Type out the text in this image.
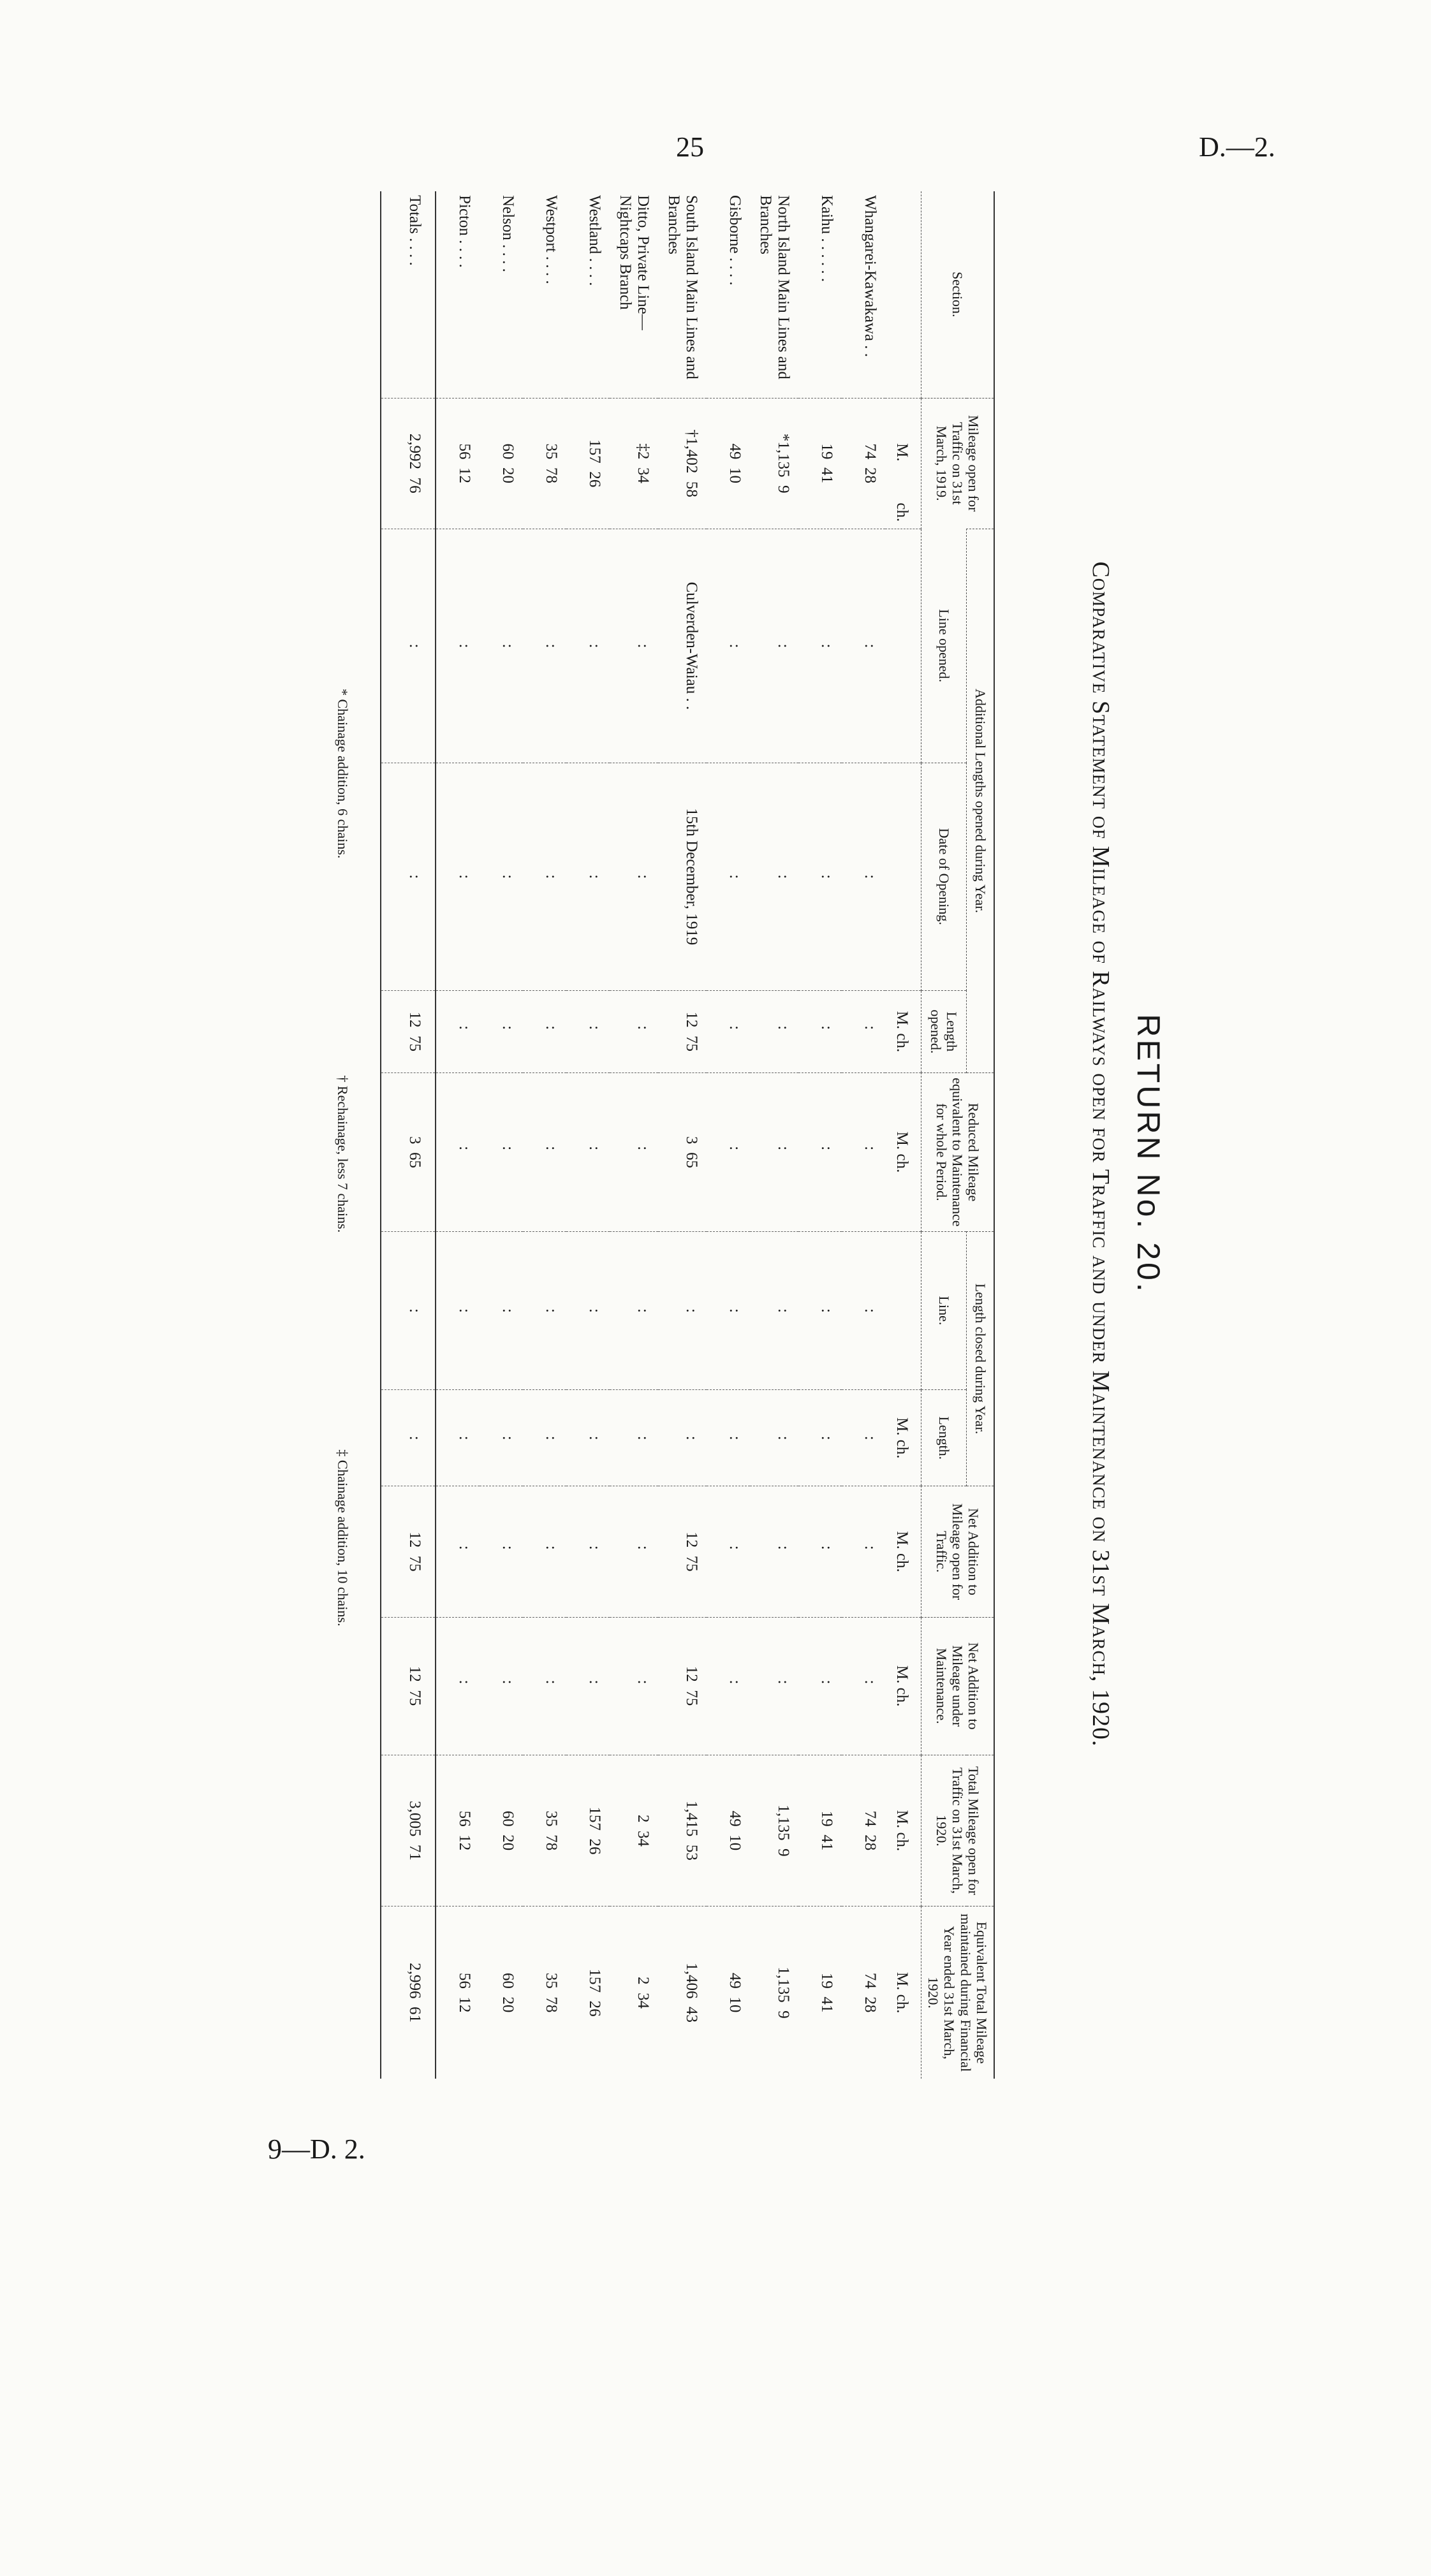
25	D.—2.
9—D. 2.
RETURN No. 20.
Comparative Statement of Mileage of Railways open for Traffic and under Maintenance on 31st March, 1920.
Section.	Mileage open for Traffic on 31st March, 1919.	Additional Lengths opened during Year.			Reduced Mileage equivalent to Maintenance for whole Period.	Length closed during Year.		Net Addition to Mileage open for Traffic.	Net Addition to Mileage under Maintenance.	Total Mileage open for Traffic on 31st March, 1920.	Equivalent Total Mileage maintained during Financial Year ended 31st March, 1920.
		Line opened.	Date of Opening.	Length opened.		Line.	Length.				
	M. ch.			M. ch.	M. ch.		M. ch.	M. ch.	M. ch.	M. ch.	M. ch.
Whangarei-Kawakawa . .	74  28	:	:	:	:	:	:	:	:	74  28	74  28
Kaihu . . . . . .	19  41	:	:	:	:	:	:	:	:	19  41	19  41
North Island Main Lines and Branches	*1,135  9	:	:	:	:	:	:	:	:	1,135  9	1,135  9
Gisborne . . . .	49  10	:	:	:	:	:	:	:	:	49  10	49  10
South Island Main Lines and Branches	†1,402  58	Culverden-Waiau . .	15th December, 1919	12  75	3  65	:	:	12  75	12  75	1,415  53	1,406  43
Ditto, Private Line—Nightcaps Branch	‡2  34	:	:	:	:	:	:	:	:	2  34	2  34
Westland . . . .	157  26	:	:	:	:	:	:	:	:	157  26	157  26
Westport . . . .	35  78	:	:	:	:	:	:	:	:	35  78	35  78
Nelson . . . .	60  20	:	:	:	:	:	:	:	:	60  20	60  20
Picton . . . .	56  12	:	:	:	:	:	:	:	:	56  12	56  12
Totals . . . .	2,992  76	:	:	12  75	3  65	:	:	12  75	12  75	3,005  71	2,996  61
* Chainage addition, 6 chains.
† Rechainage, less 7 chains.
‡ Chainage addition, 10 chains.
